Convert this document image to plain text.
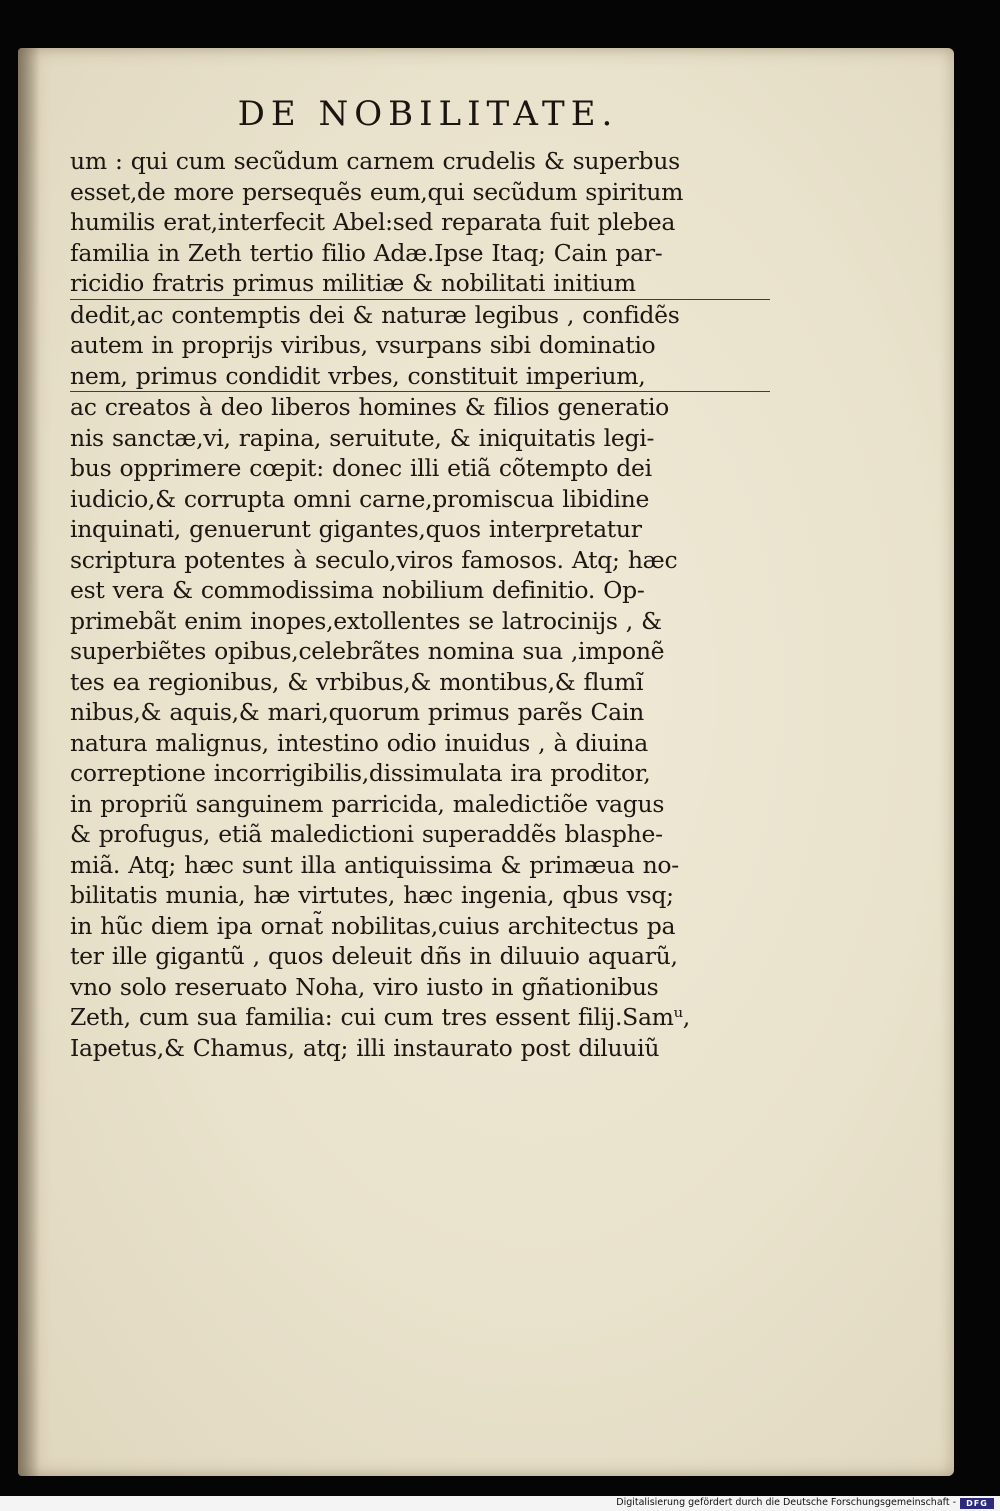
DE NOBILITATE.
um : qui cum secũdum carnem crudelis & superbus
esset,de more persequẽs eum,qui secũdum spiritum
humilis erat,interfecit Abel:sed reparata fuit plebea
familia in Zeth tertio filio Adæ.Ipse Itaq; Cain par-
ricidio fratris primus militiæ & nobilitati initium
dedit,ac contemptis dei & naturæ legibus , confidẽs
autem in proprijs viribus, vsurpans sibi dominatio
nem, primus condidit vrbes, constituit imperium,
ac creatos à deo liberos homines & filios generatio
nis sanctæ,vi, rapina, seruitute, & iniquitatis legi-
bus opprimere cœpit: donec illi etiã cõtempto dei
iudicio,& corrupta omni carne,promiscua libidine
inquinati, genuerunt gigantes,quos interpretatur
scriptura potentes à seculo,viros famosos. Atq; hæc
est vera & commodissima nobilium definitio. Op-
primebãt enim inopes,extollentes se latrocinijs , &
superbiẽtes opibus,celebrãtes nomina sua ,imponẽ
tes ea regionibus, & vrbibus,& montibus,& flumĩ
nibus,& aquis,& mari,quorum primus parẽs Cain
natura malignus, intestino odio inuidus , à diuina
correptione incorrigibilis,dissimulata ira proditor,
in propriũ sanguinem parricida, maledictiõe vagus
& profugus, etiã maledictioni superaddẽs blasphe-
miã. Atq; hæc sunt illa antiquissima & primæua no-
bilitatis munia, hæ virtutes, hæc ingenia, qbus vsq;
in hũc diem ipa ornat̃ nobilitas,cuius architectus pa
ter ille gigantũ , quos deleuit dñs in diluuio aquarũ,
vno solo reseruato Noha, viro iusto in gñationibus
Zeth, cum sua familia: cui cum tres essent filij.Samᵘ,
Iapetus,& Chamus, atq; illi instaurato post diluuiũ
Digitalisierung gefördert durch die Deutsche Forschungsgemeinschaft -	DFG
